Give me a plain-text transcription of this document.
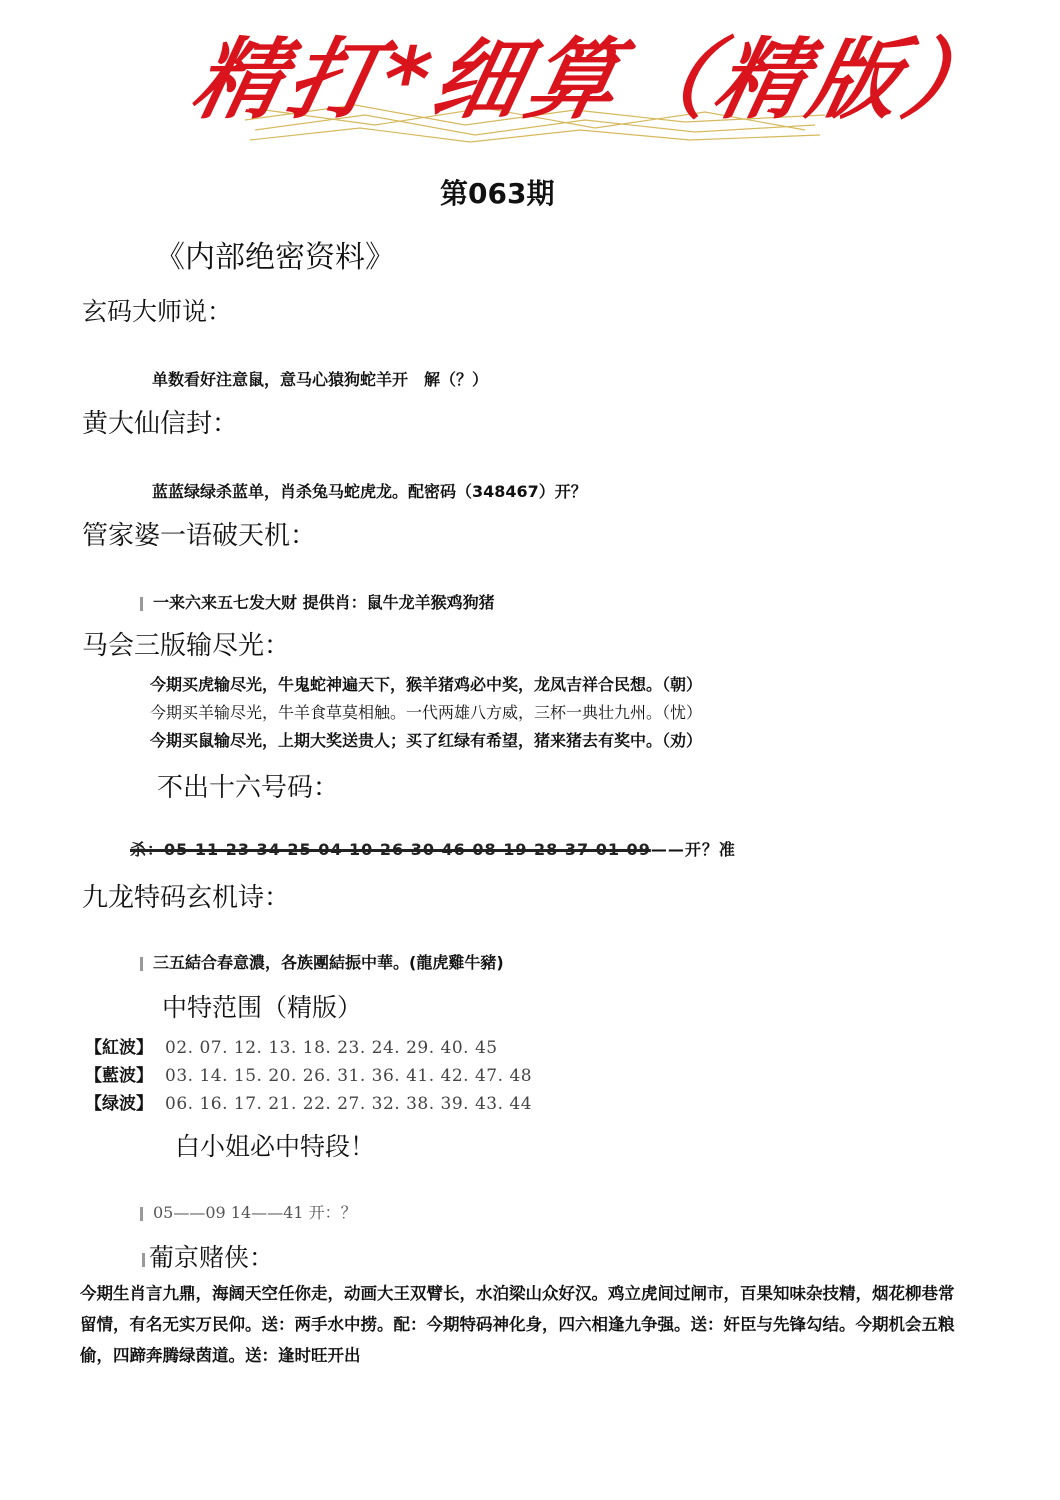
精打*细算（精版）
第063期
《内部绝密资料》
玄码大师说：
单数看好注意鼠，意马心猿狗蛇羊开　解（？）
黄大仙信封：
蓝蓝绿绿杀蓝单，肖杀兔马蛇虎龙。配密码（348467）开？
管家婆一语破天机：
一来六来五七发大财 提供肖：鼠牛龙羊猴鸡狗猪
马会三版输尽光：
今期买虎输尽光，牛鬼蛇神遍天下，猴羊猪鸡必中奖，龙凤吉祥合民想。（朝）
今期买羊输尽光，牛羊食草莫相触。一代两雄八方威，三杯一典壮九州。（忧）
今期买鼠输尽光，上期大奖送贵人；买了红绿有希望，猪来猪去有奖中。（劝）
不出十六号码：
杀：05 11 23 34 25 04 10 26 30 46 08 19 28 37 01 09——开？准
九龙特码玄机诗：
三五結合春意濃，各族團結振中華。(龍虎雞牛豬)
中特范围（精版）
【紅波】 02. 07. 12. 13. 18. 23. 24. 29. 40. 45
【藍波】 03. 14. 15. 20. 26. 31. 36. 41. 42. 47. 48
【绿波】 06. 16. 17. 21. 22. 27. 32. 38. 39. 43. 44
白小姐必中特段！
05——09 14——41 开：？
葡京赌侠：
今期生肖言九鼎，海阔天空任你走，动画大王双臂长，水泊梁山众好汉。鸡立虎间过闸市，百果知味杂技精，烟花柳巷常留情，有名无实万民仰。送：两手水中捞。配：今期特码神化身，四六相逢九争强。送：奸臣与先锋勾结。今期机会五粮偷，四蹄奔腾绿茵道。送：逢时旺开出
